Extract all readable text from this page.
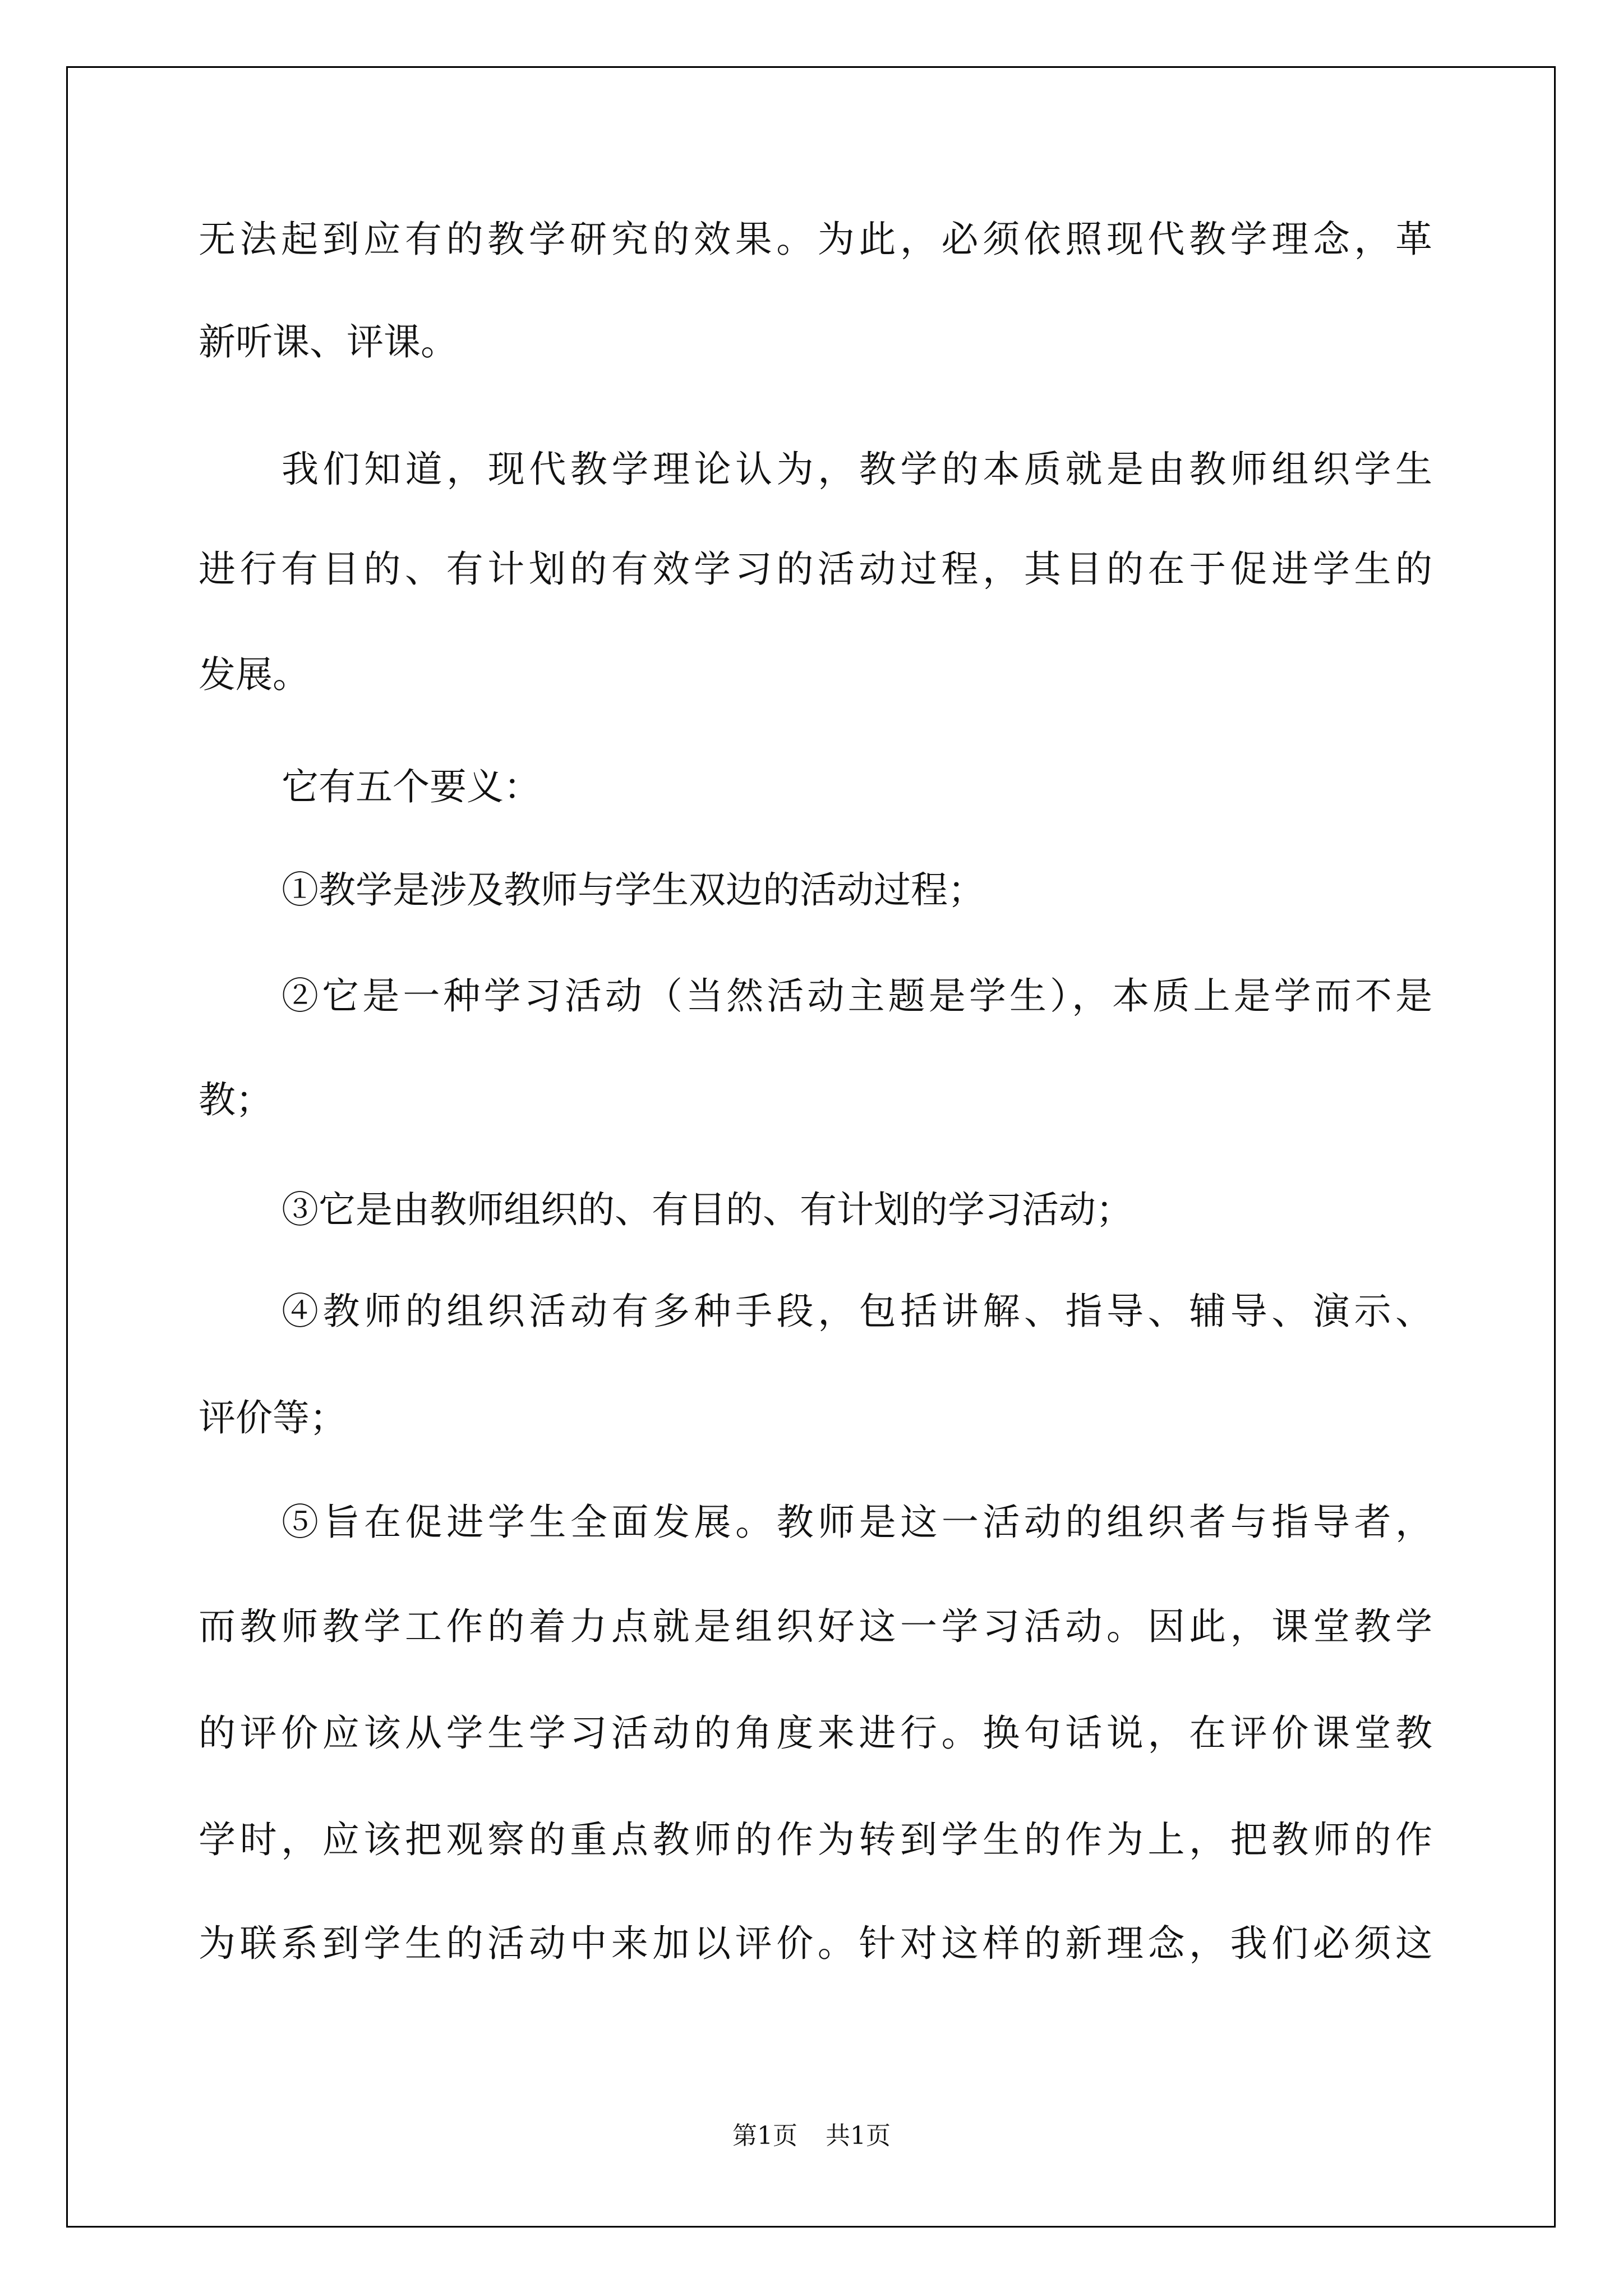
无法起到应有的教学研究的效果。为此，必须依照现代教学理念，革
新听课、评课。
我们知道，现代教学理论认为，教学的本质就是由教师组织学生
进行有目的、有计划的有效学习的活动过程，其目的在于促进学生的
发展。
它有五个要义：
①教学是涉及教师与学生双边的活动过程；
②它是一种学习活动（当然活动主题是学生），本质上是学而不是
教；
③它是由教师组织的、有目的、有计划的学习活动；
④教师的组织活动有多种手段，包括讲解、指导、辅导、演示、
评价等；
⑤旨在促进学生全面发展。教师是这一活动的组织者与指导者，
而教师教学工作的着力点就是组织好这一学习活动。因此，课堂教学
的评价应该从学生学习活动的角度来进行。换句话说，在评价课堂教
学时，应该把观察的重点教师的作为转到学生的作为上，把教师的作
为联系到学生的活动中来加以评价。针对这样的新理念，我们必须这
第1页 共1页
